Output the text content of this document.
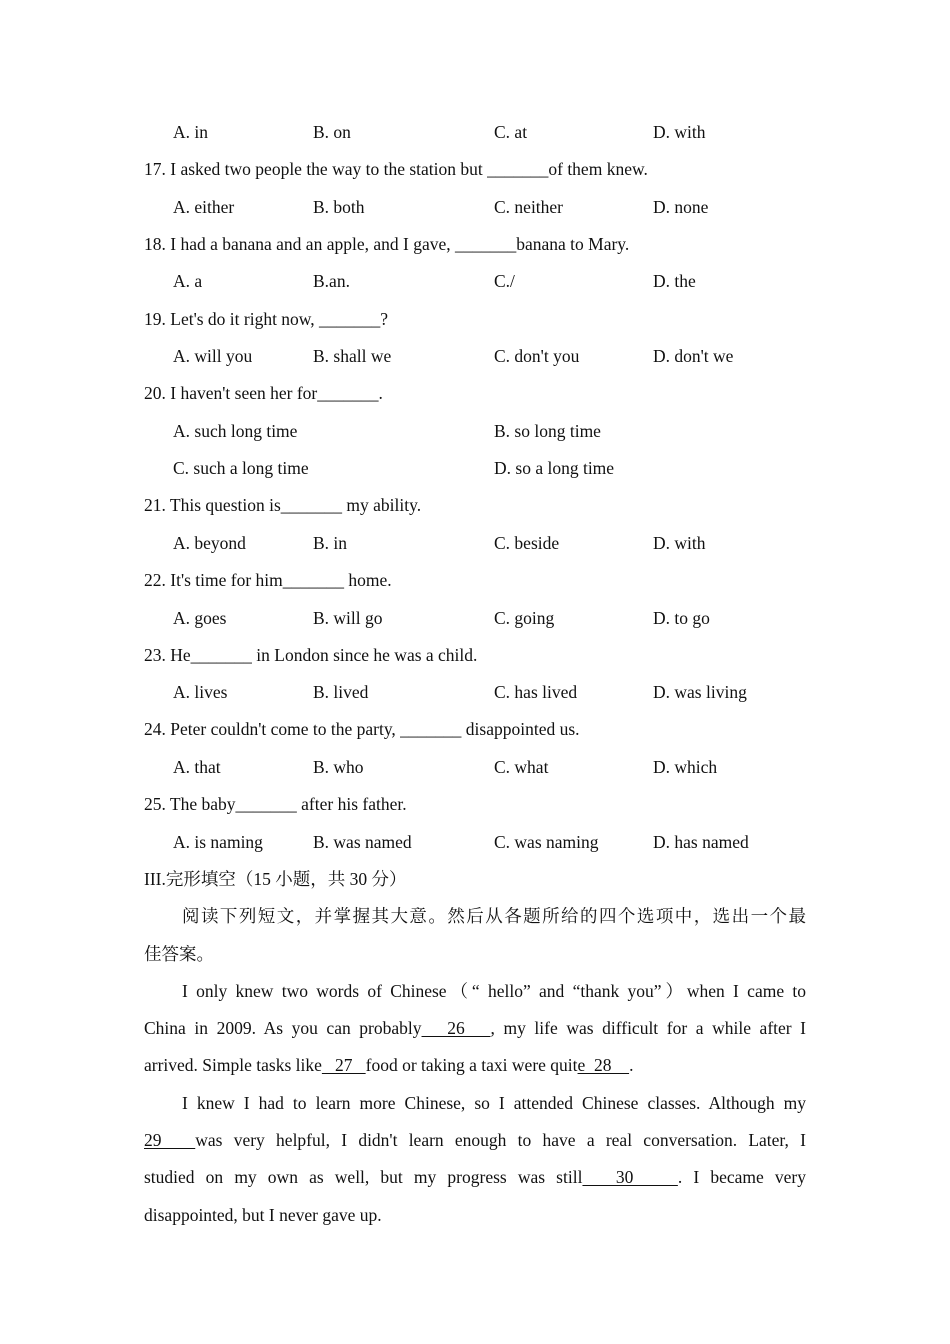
A. in	B. on	C. at	D. with
17. I asked two people the way to the station but _______of them knew.
A. either	B. both	C. neither	D. none
18. I had a banana and an apple, and I gave, _______banana to Mary.
A. a	B.an.	C./	D. the
19. Let's do it right now, _______?
A. will you	B. shall we	C. don't you	D. don't we
20. I haven't seen her for_______.
A. such long time	B. so long time
C. such a long time	D. so a long time
21. This question is_______ my ability.
A. beyond	B. in	C. beside	D. with
22. It's time for him_______ home.
A. goes	B. will go	C. going	D. to go
23. He_______ in London since he was a child.
A. lives	B. lived	C. has lived	D. was living
24. Peter couldn't come to the party, _______ disappointed us.
A. that	B. who	C. what	D. which
25. The baby_______ after his father.
A. is naming	B. was named	C. was naming	D. has named
III.完形填空（15 小题，共 30 分）
阅读下列短文，并掌握其大意。然后从各题所给的四个选项中，选出一个最
佳答案。
I only knew two words of Chinese（“ hello” and “thank you”）when I came to
China in 2009. As you can probably   26   , my life was difficult for a while after I
arrived. Simple tasks like   27   food or taking a taxi were quite  28    .
I knew I had to learn more Chinese, so I attended Chinese classes. Although my
29   was very helpful, I didn't learn enough to have a real conversation. Later, I
studied on my own as well, but my progress was still   30    . I became very
disappointed, but I never gave up.
